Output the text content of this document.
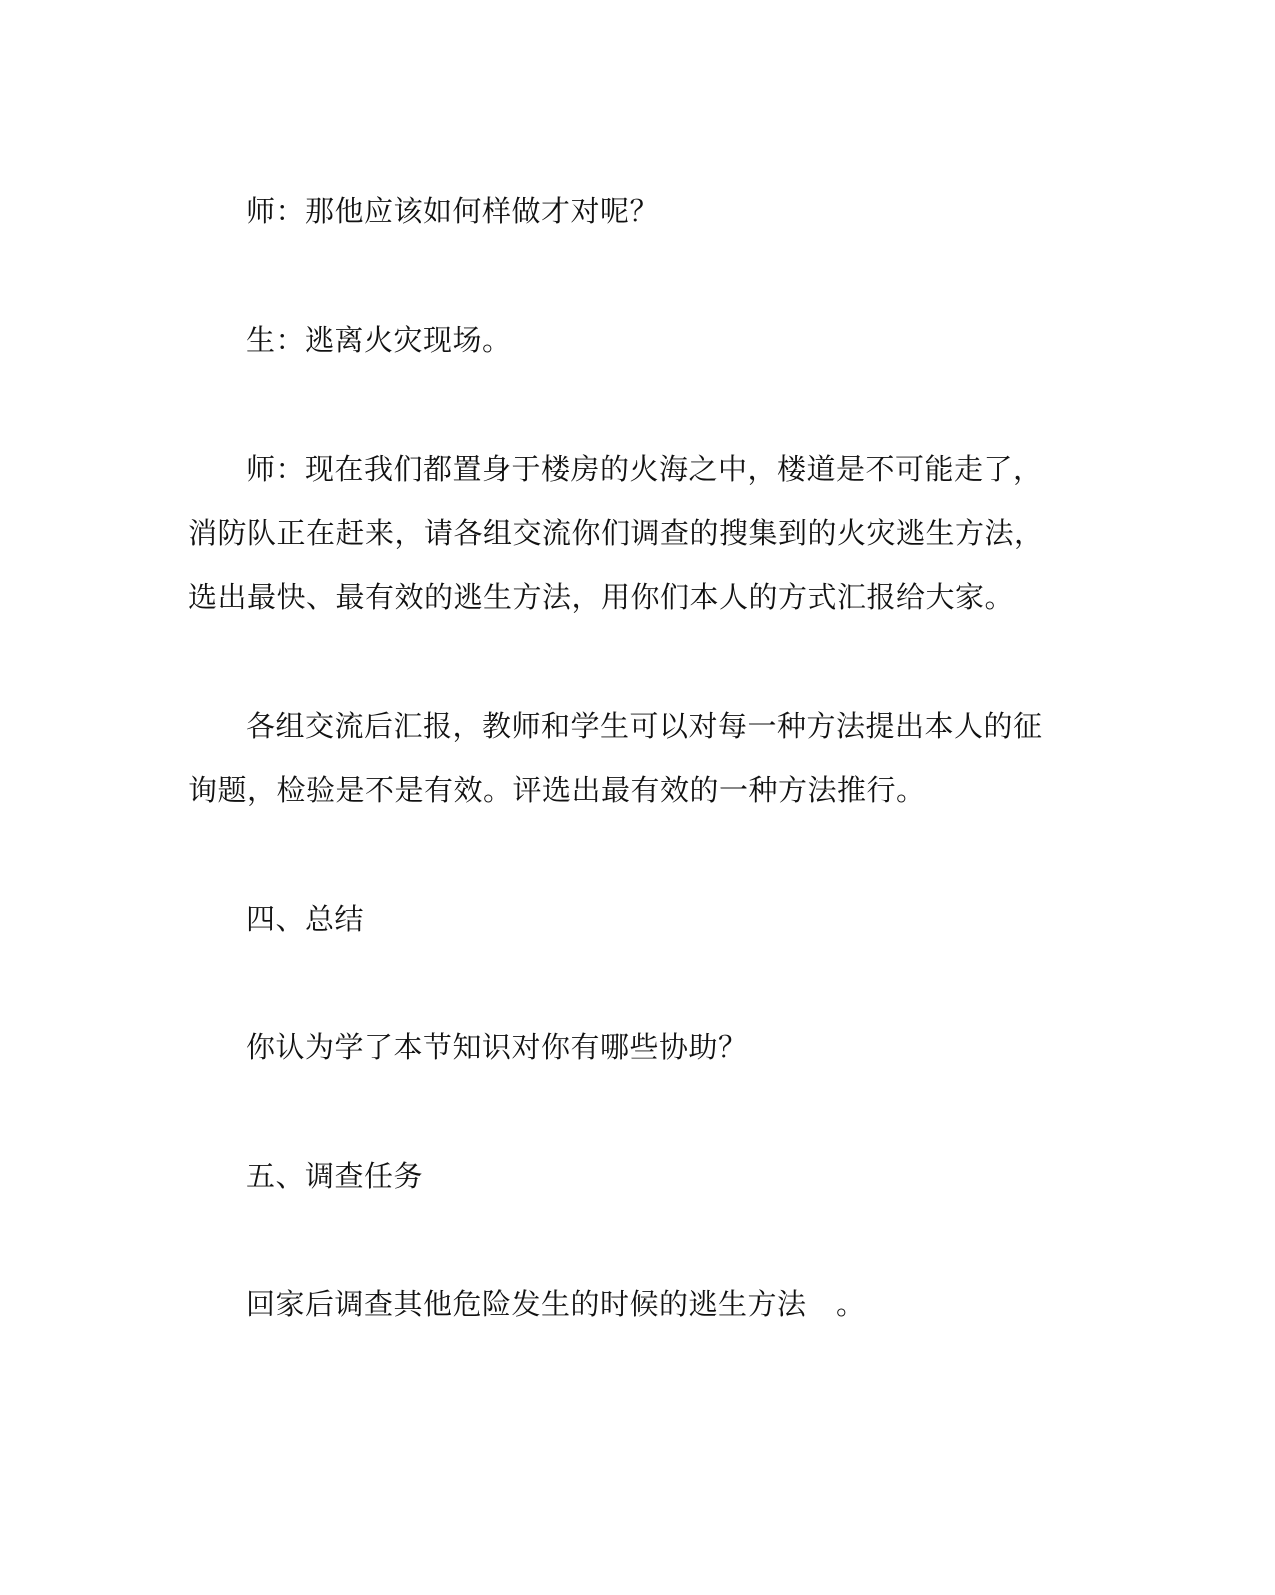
师：那他应该如何样做才对呢？

生：逃离火灾现场。

师：现在我们都置身于楼房的火海之中，楼道是不可能走了，消防队正在赶来，请各组交流你们调查的搜集到的火灾逃生方法，选出最快、最有效的逃生方法，用你们本人的方式汇报给大家。

各组交流后汇报，教师和学生可以对每一种方法提出本人的征询题，检验是不是有效。评选出最有效的一种方法推行。

四、总结

你认为学了本节知识对你有哪些协助？

五、调查任务

回家后调查其他危险发生的时候的逃生方法　。
